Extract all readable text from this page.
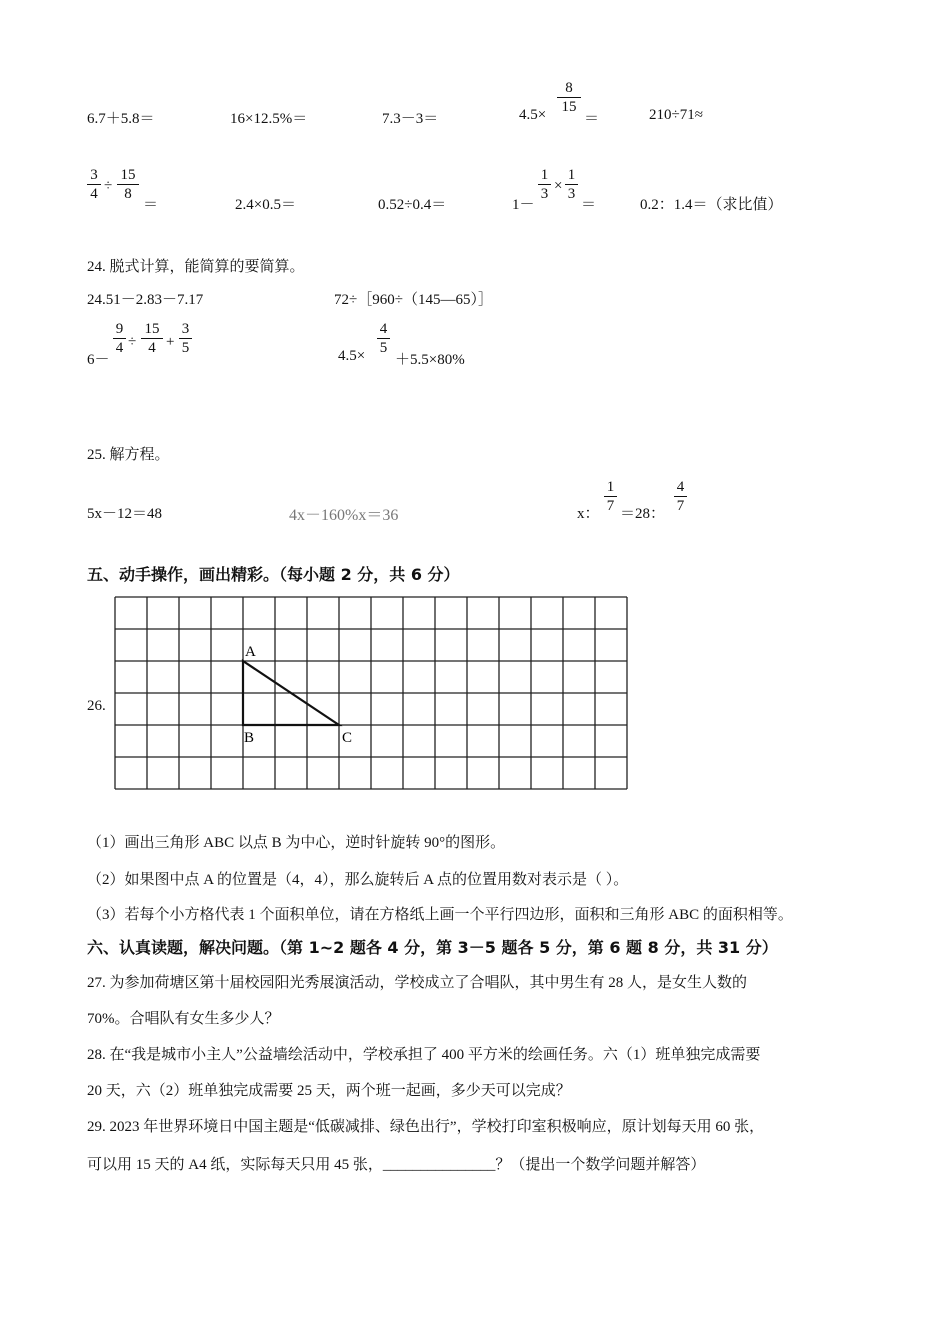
6.7＋5.8＝	16×12.5%＝	7.3－3＝	4.5×
8
15
＝	210÷71≈
3
4 ÷
15
8
＝	2.4×0.5＝	0.52÷0.4＝	1－
1
3 ×
1
3
＝	0.2：1.4＝（求比值）
24. 脱式计算，能简算的要简算。
24.51－2.83－7.17	72÷［960÷（145—65）］
6－
9
4 ÷
15
4 +
3
5	4.5×
4
5
＋5.5×80%
25. 解方程。
5x－12＝48	4x－160%x＝36	x：
1
7 ＝28：
4
7
五、动手操作，画出精彩。（每小题 2 分，共 6 分）
26.
A
B	C
（1）画出三角形 ABC 以点 B 为中心，逆时针旋转 90°的图形。
（2）如果图中点 A 的位置是（4，4），那么旋转后 A 点的位置用数对表示是（ ）。
（3）若每个小方格代表 1 个面积单位，请在方格纸上画一个平行四边形，面积和三角形 ABC 的面积相等。
六、认真读题，解决问题。（第 1~2 题各 4 分，第 3－5 题各 5 分，第 6 题 8 分，共 31 分）
27. 为参加荷塘区第十届校园阳光秀展演活动，学校成立了合唱队，其中男生有 28 人，是女生人数的
70%。合唱队有女生多少人？
28. 在“我是城市小主人”公益墙绘活动中，学校承担了 400 平方米的绘画任务。六（1）班单独完成需要
20 天，六（2）班单独完成需要 25 天，两个班一起画，多少天可以完成？
29. 2023 年世界环境日中国主题是“低碳减排、绿色出行”，学校打印室积极响应，原计划每天用 60 张，
可以用 15 天的 A4 纸，实际每天只用 45 张，_______________？（提出一个数学问题并解答）
